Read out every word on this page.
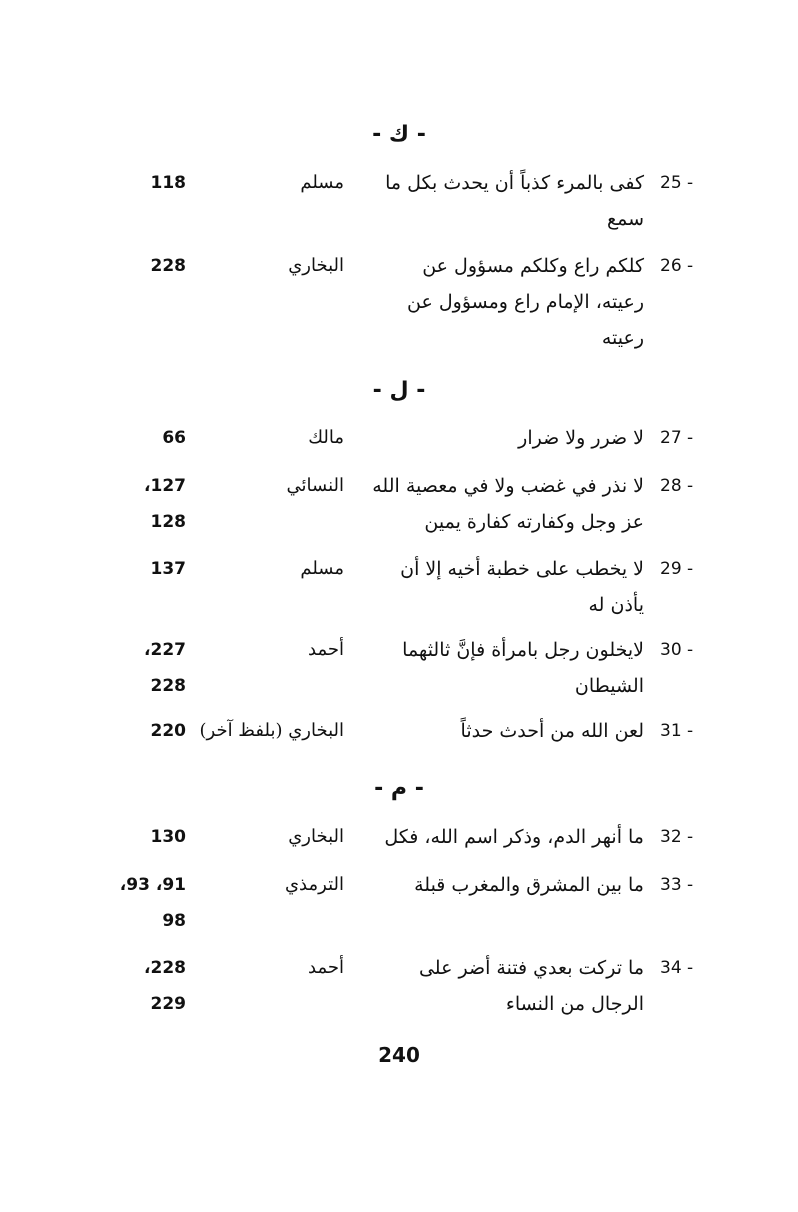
- ك -
25 -
كفى بالمرء كذباً أن يحدث بكل ما سمع
مسلم
118
26 -
كلكم راع وكلكم مسؤول عن رعيته، الإمام راع ومسؤول عن رعيته
البخاري
228
- ل -
27 -
لا ضرر ولا ضرار
مالك
66
28 -
لا نذر في غضب ولا في معصية الله عز وجل وكفارته كفارة يمين
النسائي
127،
128
29 -
لا يخطب على خطبة أخيه إلا أن يأذن له
مسلم
137
30 -
لايخلون رجل بامرأة فإنَّ ثالثهما الشيطان
أحمد
227،
228
31 -
لعن الله من أحدث حدثاً
البخاري (بلفظ آخر)
220
- م -
32 -
ما أنهر الدم، وذكر اسم الله، فكل
البخاري
130
33 -
ما بين المشرق والمغرب قبلة
الترمذي
91، 93،
98
34 -
ما تركت بعدي فتنة أضر على الرجال من النساء
أحمد
228،
229
240
